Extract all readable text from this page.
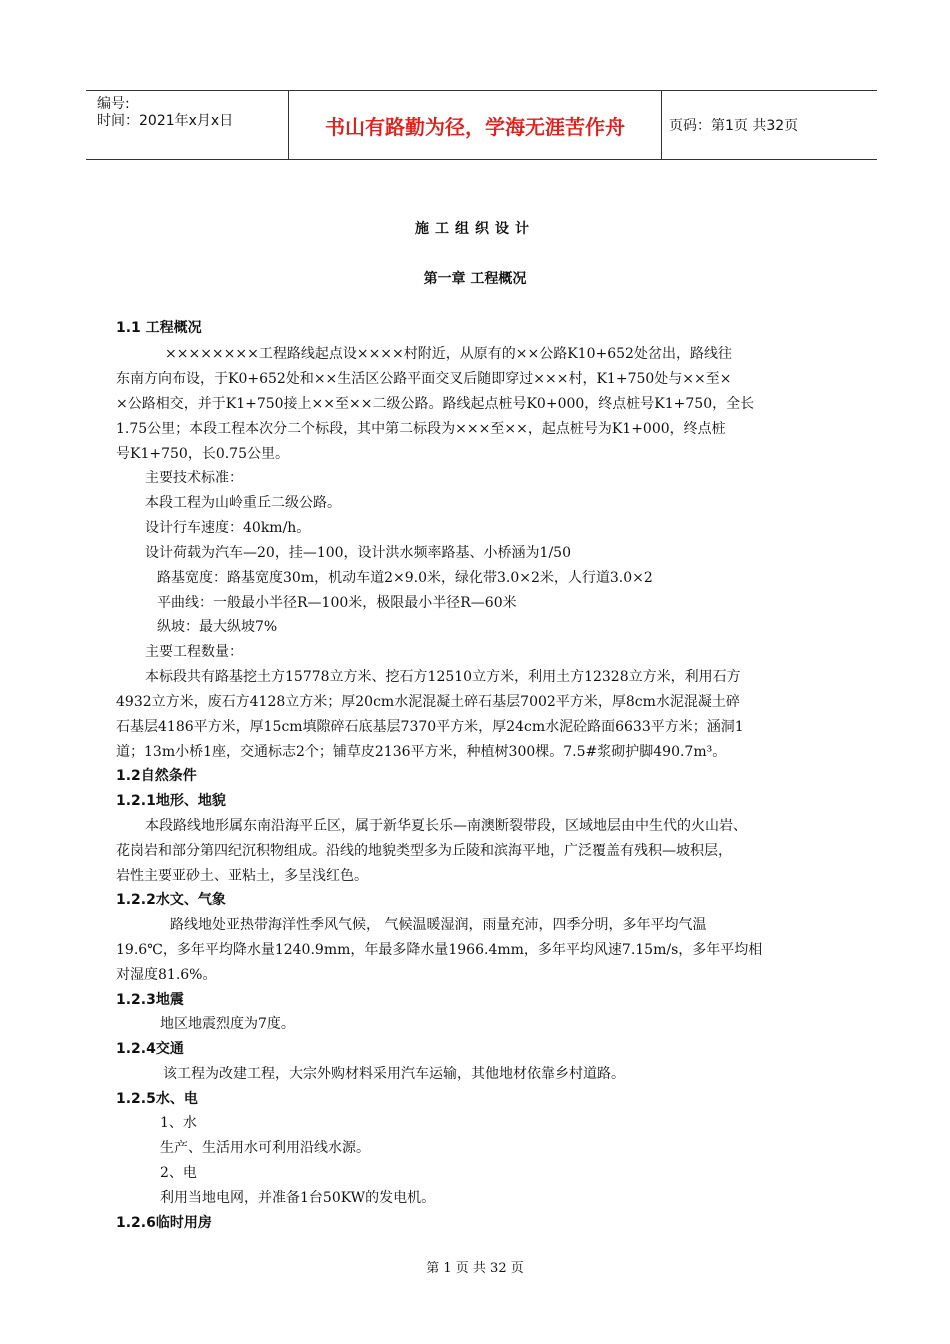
编号:
时间：2021年x月x日	书山有路勤为径，学海无涯苦作舟	页码：第1页 共32页
施工组织设计
第一章 工程概况
1.1 工程概况
××××××××工程路线起点设××××村附近，从原有的××公路K10+652处岔出，路线往
东南方向布设，于K0+652处和××生活区公路平面交叉后随即穿过×××村，K1+750处与××至×
×公路相交，并于K1+750接上××至××二级公路。路线起点桩号K0+000，终点桩号K1+750，全长
1.75公里；本段工程本次分二个标段，其中第二标段为×××至××，起点桩号为K1+000，终点桩
号K1+750，长0.75公里。
主要技术标准：
本段工程为山岭重丘二级公路。
设计行车速度：40km/h。
设计荷载为汽车—20，挂—100，设计洪水频率路基、小桥涵为1/50
路基宽度：路基宽度30m，机动车道2×9.0米，绿化带3.0×2米，人行道3.0×2
平曲线：一般最小半径R—100米，极限最小半径R—60米
纵坡：最大纵坡7%
主要工程数量：
本标段共有路基挖土方15778立方米、挖石方12510立方米，利用土方12328立方米，利用石方
4932立方米，废石方4128立方米；厚20cm水泥混凝土碎石基层7002平方米，厚8cm水泥混凝土碎
石基层4186平方米，厚15cm填隙碎石底基层7370平方米，厚24cm水泥砼路面6633平方米；涵洞1
道；13m小桥1座，交通标志2个；铺草皮2136平方米，种植树300棵。7.5#浆砌护脚490.7m³。
1.2自然条件
1.2.1地形、地貌
本段路线地形属东南沿海平丘区，属于新华夏长乐—南澳断裂带段，区域地层由中生代的火山岩、
花岗岩和部分第四纪沉积物组成。沿线的地貌类型多为丘陵和滨海平地，广泛覆盖有残积—坡积层，
岩性主要亚砂土、亚粘土，多呈浅红色。
1.2.2水文、气象
路线地处亚热带海洋性季风气候， 气候温暖湿润，雨量充沛，四季分明，多年平均气温
19.6℃，多年平均降水量1240.9mm，年最多降水量1966.4mm，多年平均风速7.15m/s，多年平均相
对湿度81.6%。
1.2.3地震
地区地震烈度为7度。
1.2.4交通
该工程为改建工程，大宗外购材料采用汽车运输，其他地材依靠乡村道路。
1.2.5水、电
1、水
生产、生活用水可利用沿线水源。
2、电
利用当地电网，并准备1台50KW的发电机。
1.2.6临时用房
第 1 页 共 32 页
